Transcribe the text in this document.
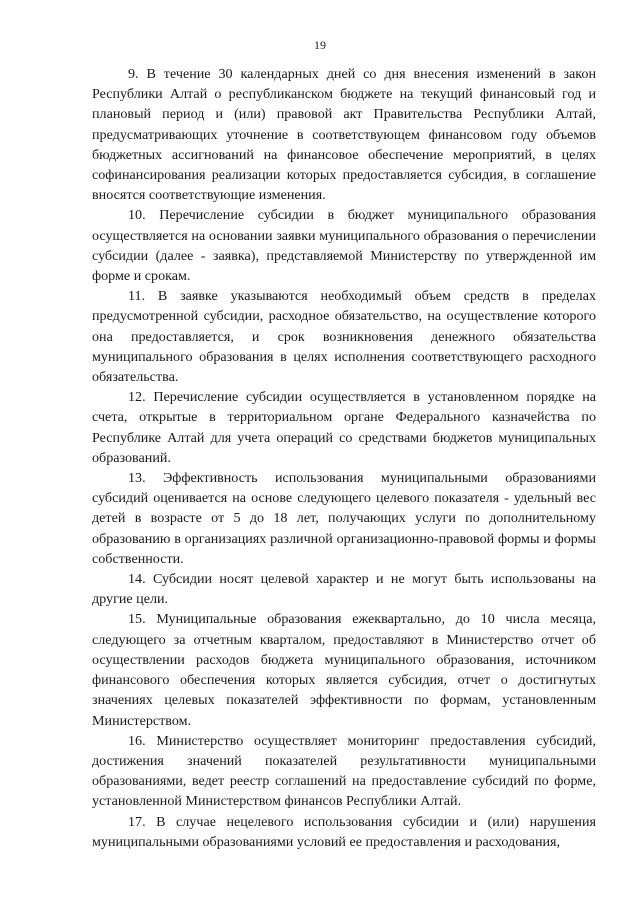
19

9. В течение 30 календарных дней со дня внесения изменений в закон Республики Алтай о республиканском бюджете на текущий финансовый год и плановый период и (или) правовой акт Правительства Республики Алтай, предусматривающих уточнение в соответствующем финансовом году объемов бюджетных ассигнований на финансовое обеспечение мероприятий, в целях софинансирования реализации которых предоставляется субсидия, в соглашение вносятся соответствующие изменения.

10. Перечисление субсидии в бюджет муниципального образования осуществляется на основании заявки муниципального образования о перечислении субсидии (далее - заявка), представляемой Министерству по утвержденной им форме и срокам.

11. В заявке указываются необходимый объем средств в пределах предусмотренной субсидии, расходное обязательство, на осуществление которого она предоставляется, и срок возникновения денежного обязательства муниципального образования в целях исполнения соответствующего расходного обязательства.

12. Перечисление субсидии осуществляется в установленном порядке на счета, открытые в территориальном органе Федерального казначейства по Республике Алтай для учета операций со средствами бюджетов муниципальных образований.

13. Эффективность использования муниципальными образованиями субсидий оценивается на основе следующего целевого показателя - удельный вес детей в возрасте от 5 до 18 лет, получающих услуги по дополнительному образованию в организациях различной организационно-правовой формы и формы собственности.

14. Субсидии носят целевой характер и не могут быть использованы на другие цели.

15. Муниципальные образования ежеквартально, до 10 числа месяца, следующего за отчетным кварталом, предоставляют в Министерство отчет об осуществлении расходов бюджета муниципального образования, источником финансового обеспечения которых является субсидия, отчет о достигнутых значениях целевых показателей эффективности по формам, установленным Министерством.

16. Министерство осуществляет мониторинг предоставления субсидий, достижения значений показателей результативности муниципальными образованиями, ведет реестр соглашений на предоставление субсидий по форме, установленной Министерством финансов Республики Алтай.

17. В случае нецелевого использования субсидии и (или) нарушения муниципальными образованиями условий ее предоставления и расходования,
